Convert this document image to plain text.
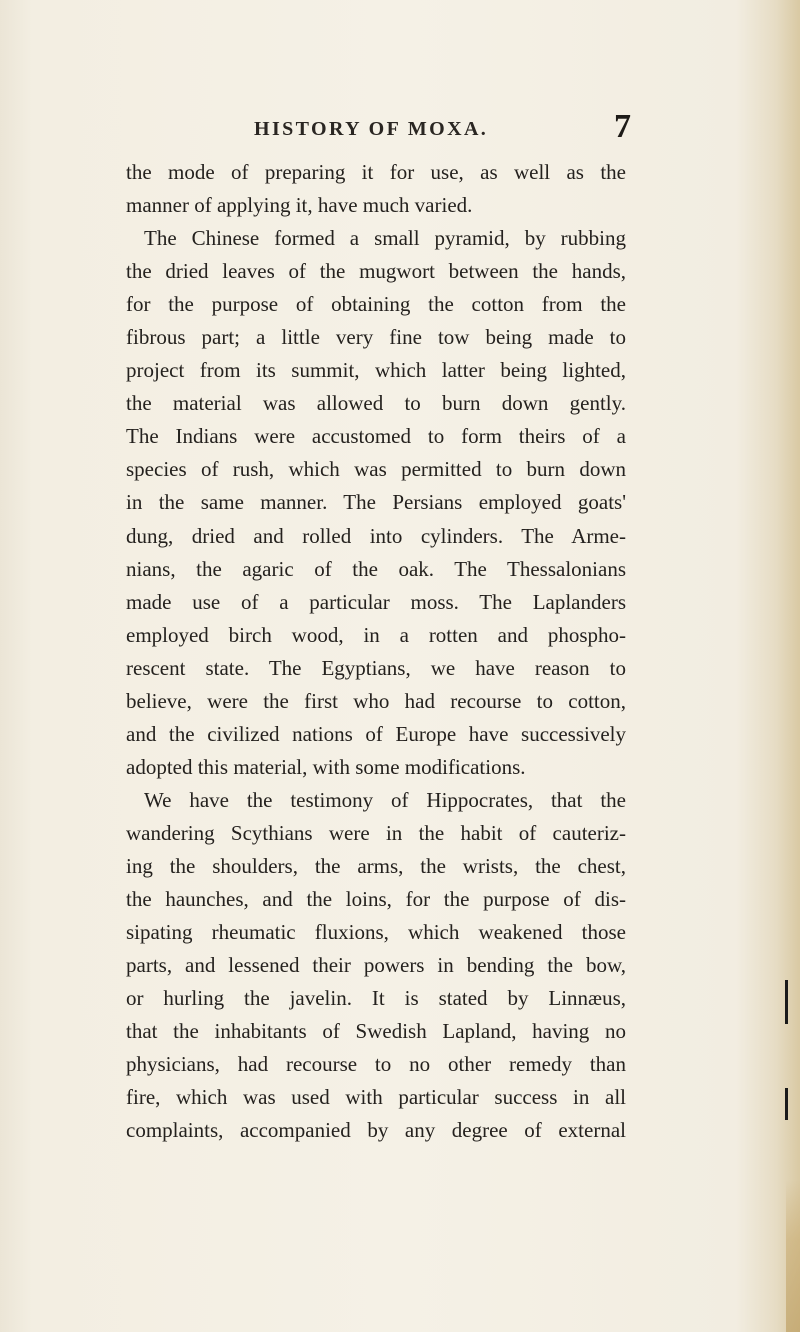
HISTORY OF MOXA.	7
the mode of preparing it for use, as well as the
manner of applying it, have much varied.
The Chinese formed a small pyramid, by rubbing
the dried leaves of the mugwort between the hands,
for the purpose of obtaining the cotton from the
fibrous part; a little very fine tow being made to
project from its summit, which latter being lighted,
the material was allowed to burn down gently.
The Indians were accustomed to form theirs of a
species of rush, which was permitted to burn down
in the same manner. The Persians employed goats'
dung, dried and rolled into cylinders. The Arme-
nians, the agaric of the oak. The Thessalonians
made use of a particular moss. The Laplanders
employed birch wood, in a rotten and phospho-
rescent state. The Egyptians, we have reason to
believe, were the first who had recourse to cotton,
and the civilized nations of Europe have successively
adopted this material, with some modifications.
We have the testimony of Hippocrates, that the
wandering Scythians were in the habit of cauteriz-
ing the shoulders, the arms, the wrists, the chest,
the haunches, and the loins, for the purpose of dis-
sipating rheumatic fluxions, which weakened those
parts, and lessened their powers in bending the bow,
or hurling the javelin. It is stated by Linnæus,
that the inhabitants of Swedish Lapland, having no
physicians, had recourse to no other remedy than
fire, which was used with particular success in all
complaints, accompanied by any degree of external
